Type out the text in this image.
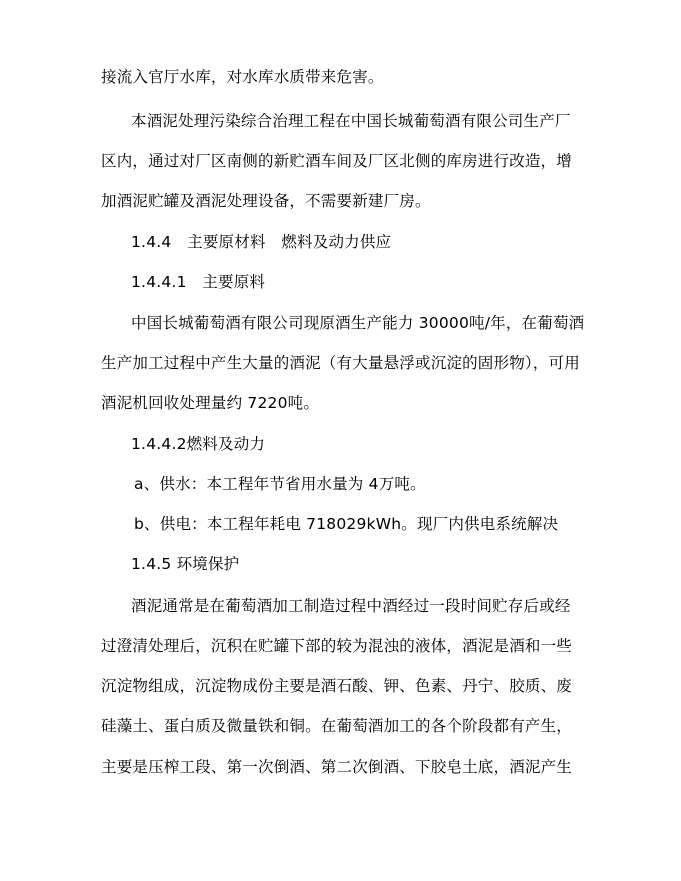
接流入官厅水库，对水库水质带来危害。
本酒泥处理污染综合治理工程在中国长城葡萄酒有限公司生产厂
区内，通过对厂区南侧的新贮酒车间及厂区北侧的库房进行改造，增
加酒泥贮罐及酒泥处理设备，不需要新建厂房。
1.4.4　主要原材料　燃料及动力供应
1.4.4.1　主要原料
中国长城葡萄酒有限公司现原酒生产能力 30000吨/年，在葡萄酒
生产加工过程中产生大量的酒泥（有大量悬浮或沉淀的固形物），可用
酒泥机回收处理量约 7220吨。
1.4.4.2燃料及动力
a、供水：本工程年节省用水量为 4万吨。
b、供电：本工程年耗电 718029kWh。现厂内供电系统解决
1.4.5 环境保护
酒泥通常是在葡萄酒加工制造过程中酒经过一段时间贮存后或经
过澄清处理后，沉积在贮罐下部的较为混浊的液体，酒泥是酒和一些
沉淀物组成，沉淀物成份主要是酒石酸、钾、色素、丹宁、胶质、废
硅藻土、蛋白质及微量铁和铜。在葡萄酒加工的各个阶段都有产生，
主要是压榨工段、第一次倒酒、第二次倒酒、下胶皂土底，酒泥产生
